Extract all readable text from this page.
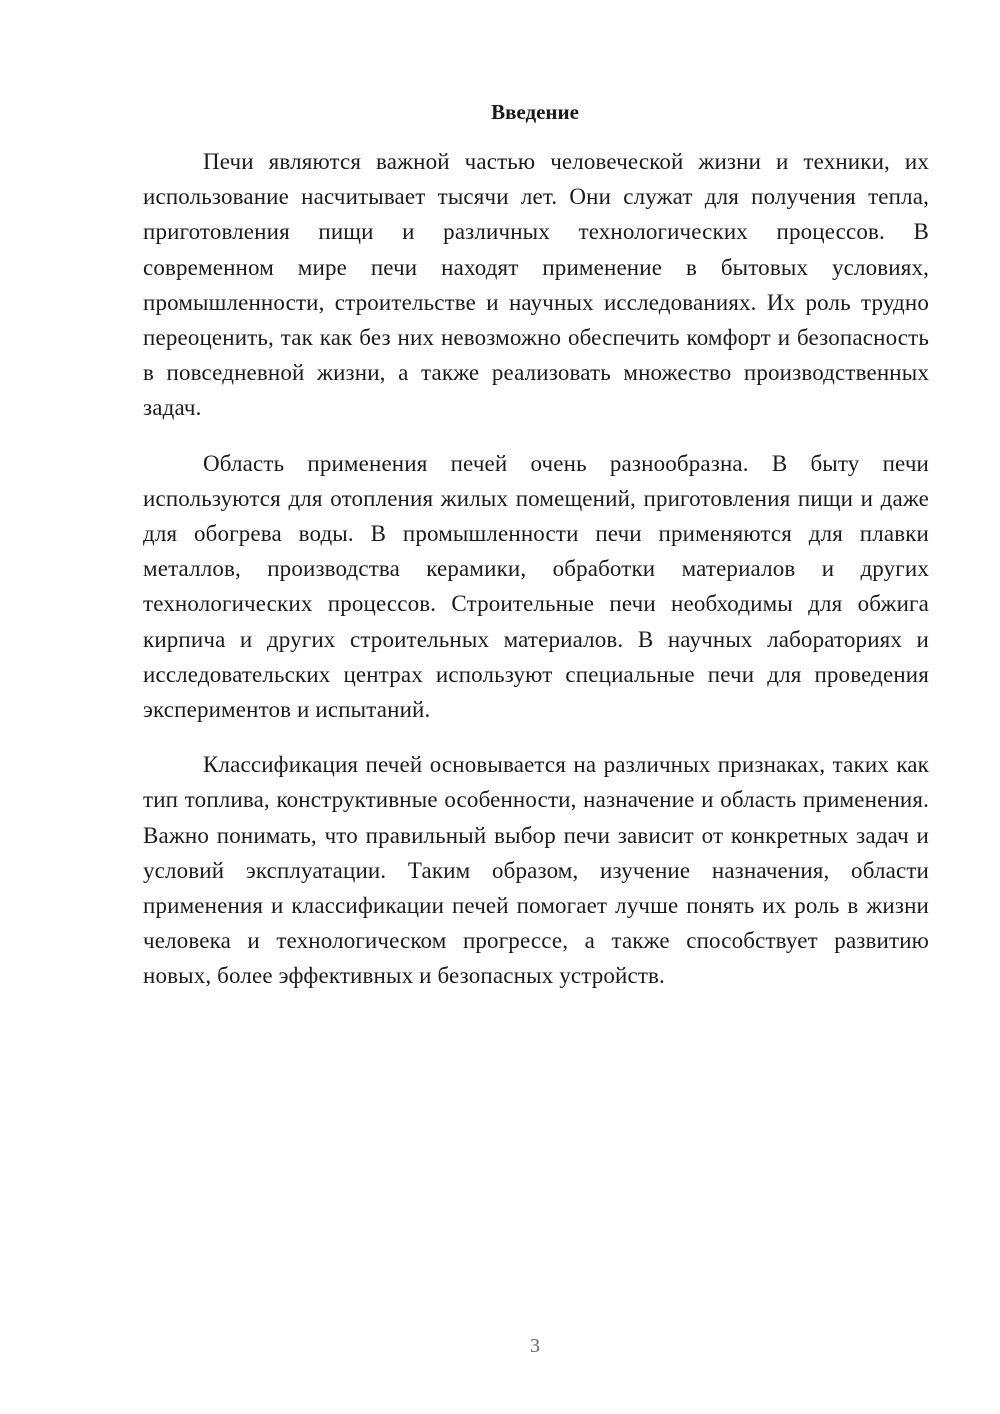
Введение

Печи являются важной частью человеческой жизни и техники, их использование насчитывает тысячи лет. Они служат для получения тепла, приготовления пищи и различных технологических процессов. В современном мире печи находят применение в бытовых условиях, промышленности, строительстве и научных исследованиях. Их роль трудно переоценить, так как без них невозможно обеспечить комфорт и безопасность в повседневной жизни, а также реализовать множество производственных задач.

Область применения печей очень разнообразна. В быту печи используются для отопления жилых помещений, приготовления пищи и даже для обогрева воды. В промышленности печи применяются для плавки металлов, производства керамики, обработки материалов и других технологических процессов. Строительные печи необходимы для обжига кирпича и других строительных материалов. В научных лабораториях и исследовательских центрах используют специальные печи для проведения экспериментов и испытаний.

Классификация печей основывается на различных признаках, таких как тип топлива, конструктивные особенности, назначение и область применения. Важно понимать, что правильный выбор печи зависит от конкретных задач и условий эксплуатации. Таким образом, изучение назначения, области применения и классификации печей помогает лучше понять их роль в жизни человека и технологическом прогрессе, а также способствует развитию новых, более эффективных и безопасных устройств.

3
